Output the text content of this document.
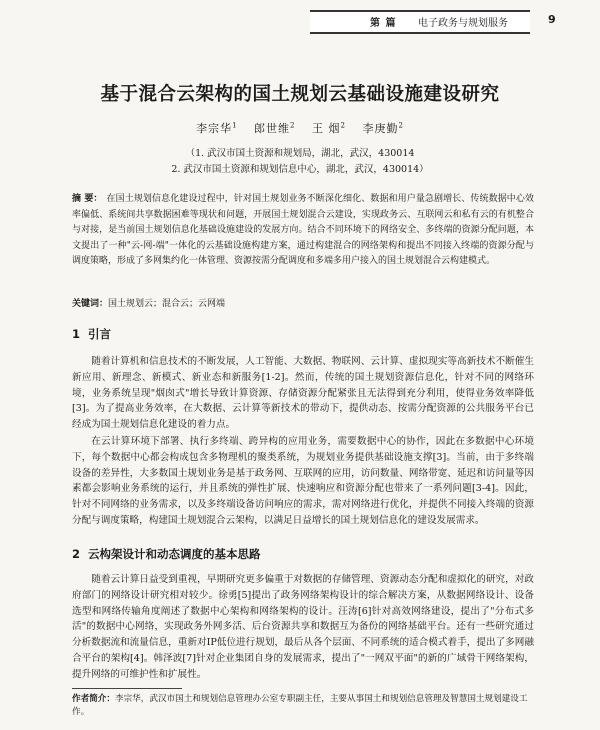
第 篇 电子政务与规划服务	9
基于混合云架构的国土规划云基础设施建设研究
李宗华$^1$ 郎世维$^2$ 王 烟$^2$ 李庚勤$^2$
（1. 武汉市国土资源和规划局，湖北，武汉，430014
2. 武汉市国土资源和规划信息中心，湖北，武汉，430014）
摘 要： 在国土规划信息化建设过程中，针对国土规划业务不断深化细化、数据和用户量急剧增长、传统数据中心效率偏低、系统间共享数据困难等现状和问题，开展国土规划混合云建设，实现政务云、互联网云和私有云的有机整合与对接，是当前国土规划信息化基础设施建设的发展方向。结合不同环境下的网络安全、多终端的资源分配问题，本文提出了一种"云-网-端"一体化的云基础设施构建方案，通过构建混合的网络架构和提出不同接入终端的资源分配与调度策略，形成了多网集约化一体管理、资源按需分配调度和多端多用户接入的国土规划混合云构建模式。
关键词：国土规划云；混合云；云网端
1 引言
随着计算机和信息技术的不断发展，人工智能、大数据、物联网、云计算、虚拟现实等高新技术不断催生新应用、新理念、新模式、新业态和新服务[1-2]。然而，传统的国土规划资源信息化，针对不同的网络环境，业务系统呈现"烟囱式"增长导致计算资源、存储资源分配紧张且无法得到充分利用，使得业务效率降低[3]。为了提高业务效率，在大数据、云计算等新技术的带动下，提供动态、按需分配资源的公共服务平台已经成为国土规划信息化建设的着力点。
在云计算环境下部署、执行多终端、跨异构的应用业务，需要数据中心的协作，因此在多数据中心环境下，每个数据中心都会构成包含多物理机的聚类系统，为规划业务提供基础设施支撑[3]。当前，由于多终端设备的差异性，大多数国土规划业务是基于政务网、互联网的应用，访问数量、网络带宽、延迟和访问量等因素都会影响业务系统的运行，并且系统的弹性扩展、快速响应和资源分配也带来了一系列问题[3-4]。因此，针对不同网络的业务需求，以及多终端设备访问响应的需求，需对网络进行优化，并提供不同接入终端的资源分配与调度策略，构建国土规划混合云架构，以满足日益增长的国土规划信息化的建设发展需求。
2 云构架设计和动态调度的基本思路
随着云计算日益受到重视，早期研究更多偏重于对数据的存储管理、资源动态分配和虚拟化的研究，对政府部门的网络设计研究相对较少。徐勇[5]提出了政务网络架构设计的综合解决方案，从数据网络设计、设备选型和网络传输角度阐述了数据中心架构和网络架构的设计。汪涛[6]针对高效网络建设，提出了"分布式多活"的数据中心网络，实现政务外网多活、后台资源共享和数据互为备份的网络基础平台。还有一些研究通过分析数据流和流量信息，重新对IP低位进行规划，最后从各个层面、不同系统的适合模式着手，提出了多网融合平台的架构[4]。韩泽波[7]针对企业集团自身的发展需求，提出了"一网双平面"的新的广域骨干网络架构，提升网络的可维护性和扩展性。
作者简介：李宗华，武汉市国土和规划信息管理办公室专职副主任，主要从事国土和规划信息管理及智慧国土规划建设工作。
